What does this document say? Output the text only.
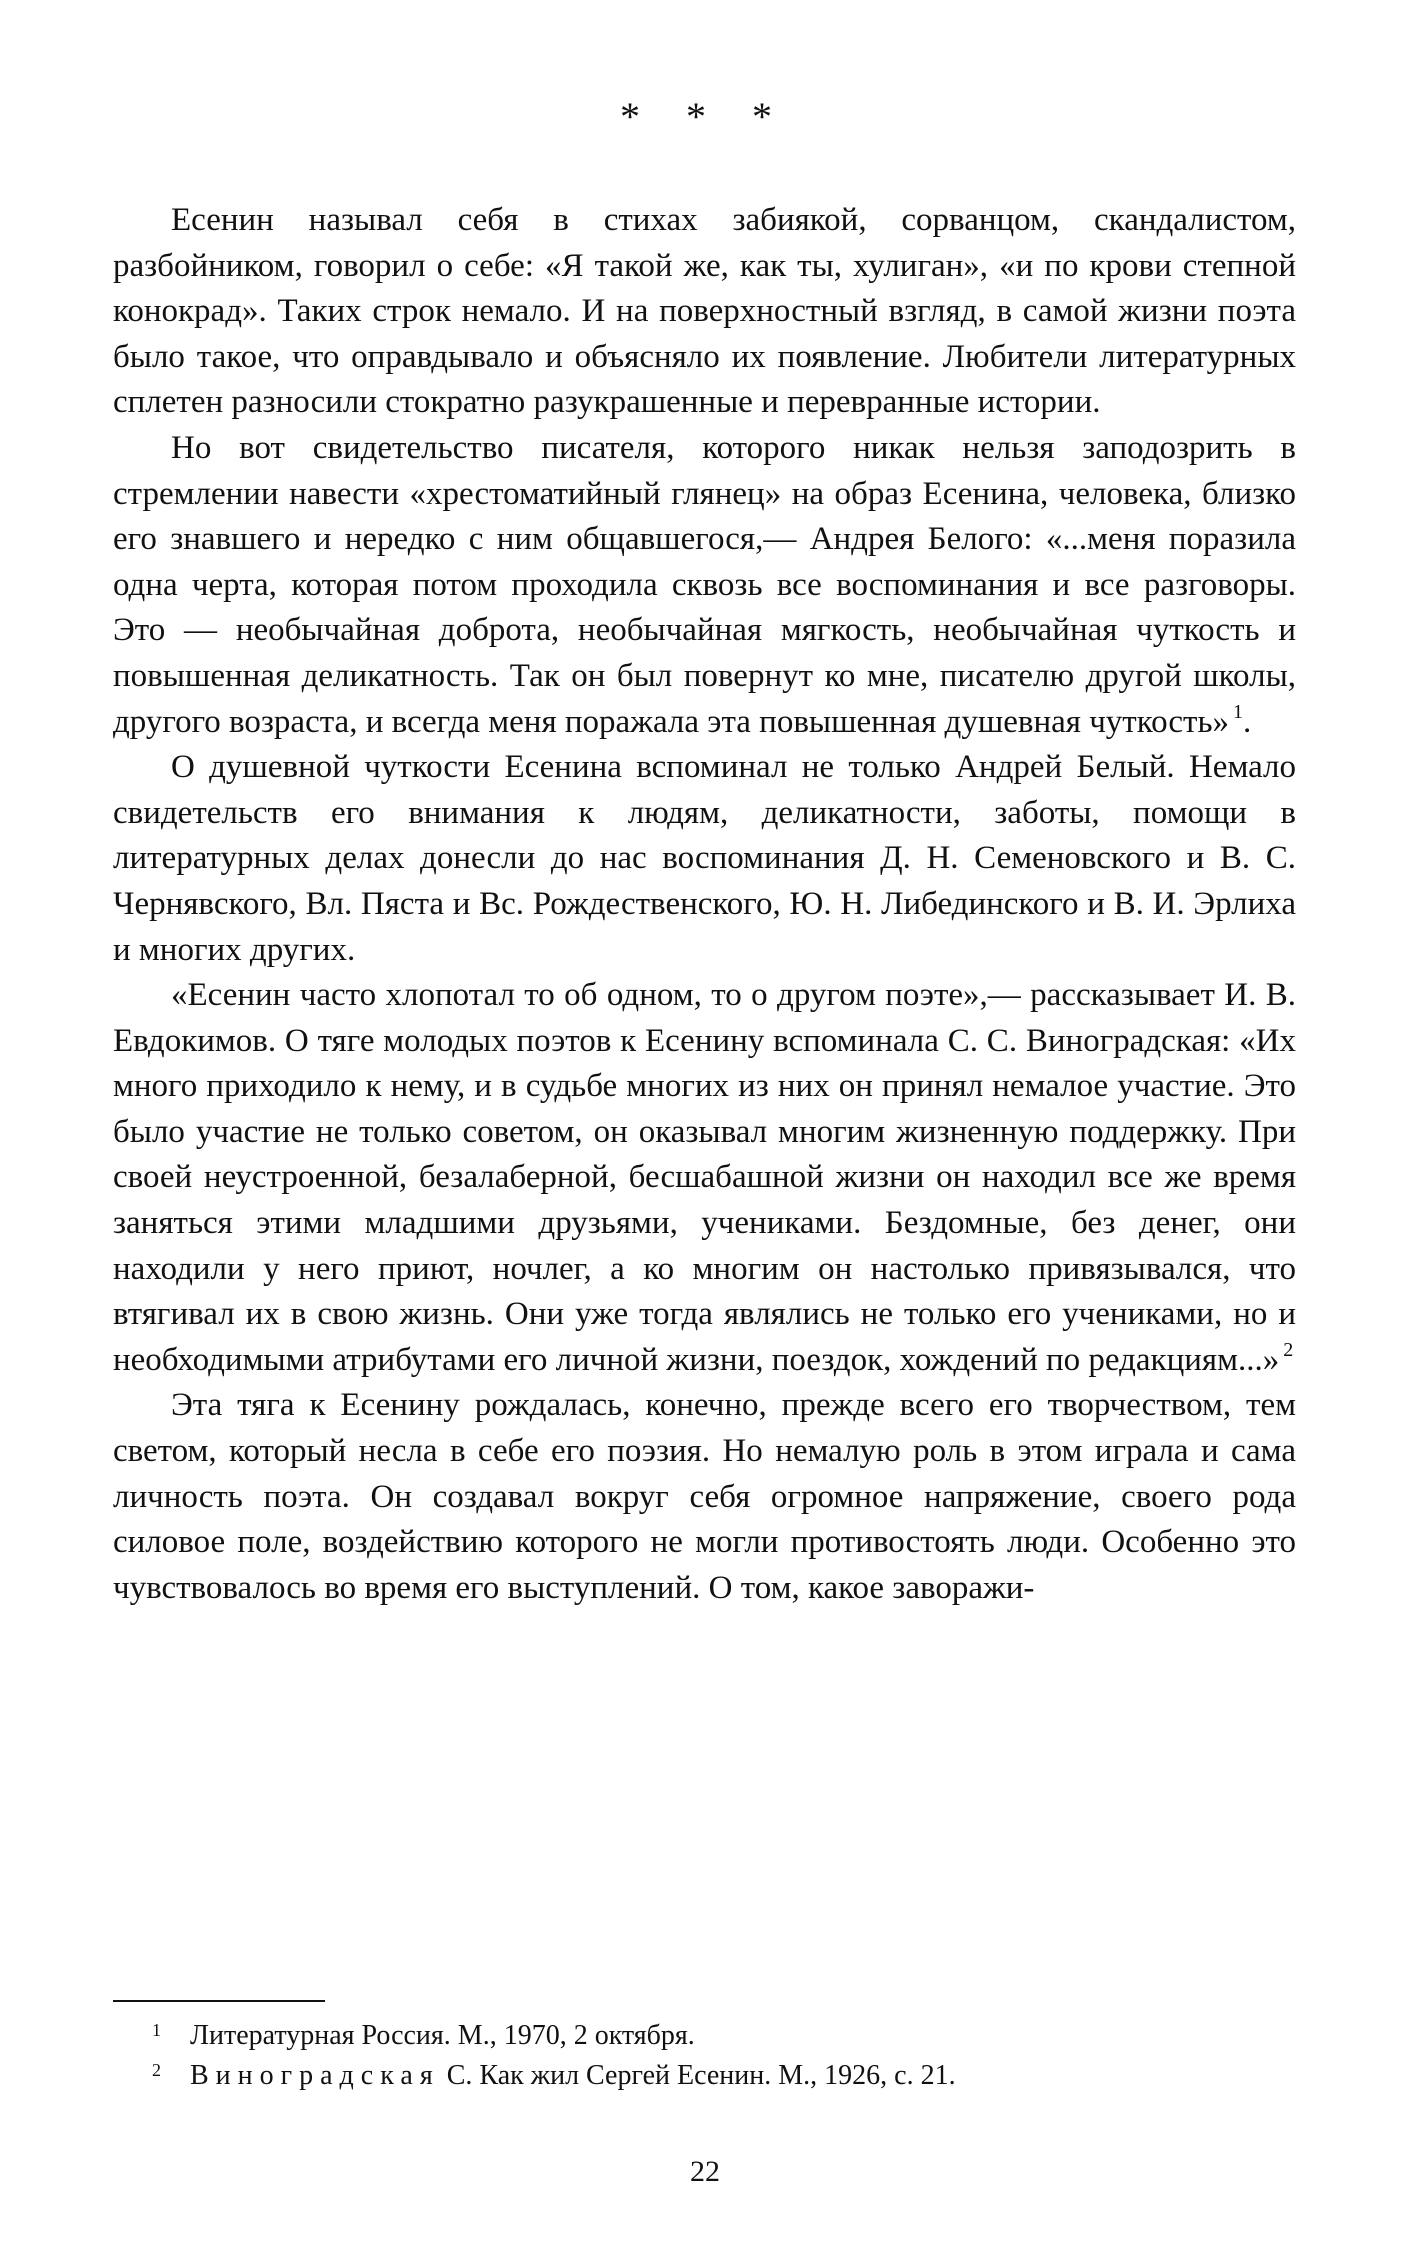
* * *

Есенин называл себя в стихах забиякой, сорванцом, скандалистом, разбойником, говорил о себе: «Я такой же, как ты, хулиган», «и по крови степной конокрад». Таких строк немало. И на поверхностный взгляд, в самой жизни поэта было такое, что оправдывало и объясняло их появление. Любители литературных сплетен разносили стократно разукрашенные и перевранные истории.

Но вот свидетельство писателя, которого никак нельзя заподозрить в стремлении навести «хрестоматийный глянец» на образ Есенина, человека, близко его знавшего и нередко с ним общавшегося,— Андрея Белого: «...меня поразила одна черта, которая потом проходила сквозь все воспоминания и все разговоры. Это — необычайная доброта, необычайная мягкость, необычайная чуткость и повышенная деликатность. Так он был повернут ко мне, писателю другой школы, другого возраста, и всегда меня поражала эта повышенная душевная чуткость» $^1$.

О душевной чуткости Есенина вспоминал не только Андрей Белый. Немало свидетельств его внимания к людям, деликатности, заботы, помощи в литературных делах донесли до нас воспоминания Д. Н. Семеновского и В. С. Чернявского, Вл. Пяста и Вс. Рождественского, Ю. Н. Либединского и В. И. Эрлиха и многих других.

«Есенин часто хлопотал то об одном, то о другом поэте»,— рассказывает И. В. Евдокимов. О тяге молодых поэтов к Есенину вспоминала С. С. Виноградская: «Их много приходило к нему, и в судьбе многих из них он принял немалое участие. Это было участие не только советом, он оказывал многим жизненную поддержку. При своей неустроенной, безалаберной, бесшабашной жизни он находил все же время заняться этими младшими друзьями, учениками. Бездомные, без денег, они находили у него приют, ночлег, а ко многим он настолько привязывался, что втягивал их в свою жизнь. Они уже тогда являлись не только его учениками, но и необходимыми атрибутами его личной жизни, поездок, хождений по редакциям...» $^2$

Эта тяга к Есенину рождалась, конечно, прежде всего его творчеством, тем светом, который несла в себе его поэзия. Но немалую роль в этом играла и сама личность поэта. Он создавал вокруг себя огромное напряжение, своего рода силовое поле, воздействию которого не могли противостоять люди. Особенно это чувствовалось во время его выступлений. О том, какое заворажи-

1 Литературная Россия. М., 1970, 2 октября.

2 Виноградская С. Как жил Сергей Есенин. М., 1926, с. 21.

22
